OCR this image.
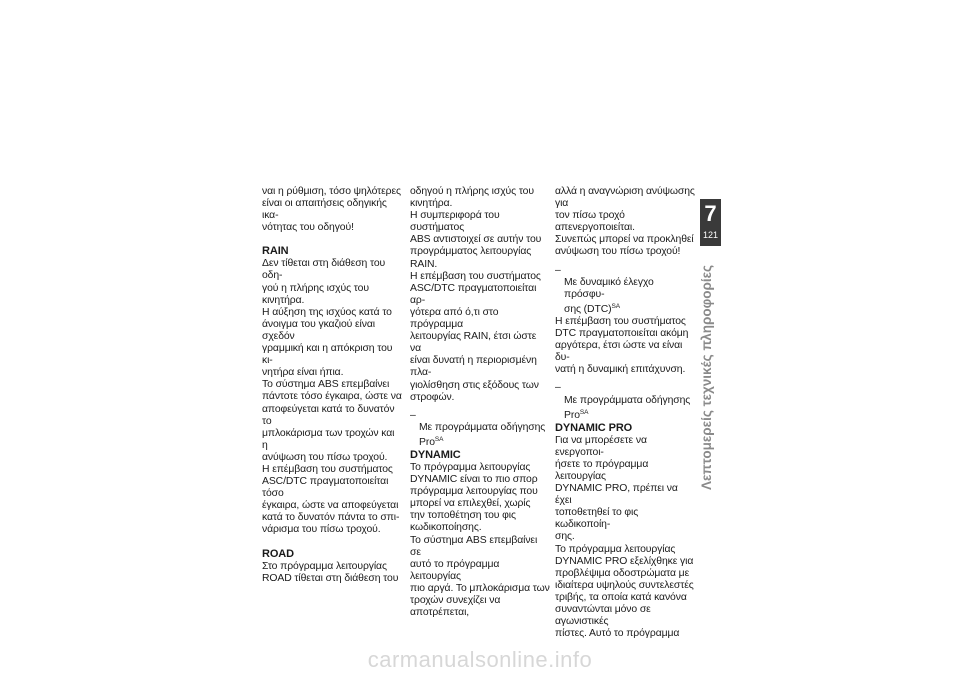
ναι η ρύθμιση, τόσο ψηλότερες
είναι οι απαιτήσεις οδηγικής ικα-
νότητας του οδηγού!

RAIN

Δεν τίθεται στη διάθεση του οδη-
γού η πλήρης ισχύς του κινητήρα.
Η αύξηση της ισχύος κατά το
άνοιγμα του γκαζιού είναι σχεδόν
γραμμική και η απόκριση του κι-
νητήρα είναι ήπια.

Το σύστημα ABS επεμβαίνει
πάντοτε τόσο έγκαιρα, ώστε να
αποφεύγεται κατά το δυνατόν το
μπλοκάρισμα των τροχών και η
ανύψωση του πίσω τροχού.

Η επέμβαση του συστήματος
ASC/DTC πραγματοποιείται τόσο
έγκαιρα, ώστε να αποφεύγεται
κατά το δυνατόν πάντα το σπι-
νάρισμα του πίσω τροχού.

ROAD

Στο πρόγραμμα λειτουργίας
ROAD τίθεται στη διάθεση του

οδηγού η πλήρης ισχύς του
κινητήρα.

Η συμπεριφορά του συστήματος
ABS αντιστοιχεί σε αυτήν του
προγράμματος λειτουργίας RAIN.

Η επέμβαση του συστήματος
ASC/DTC πραγματοποιείται αρ-
γότερα από ό,τι στο πρόγραμμα
λειτουργίας RAIN, έτσι ώστε να
είναι δυνατή η περιορισμένη πλα-
γιολίσθηση στις εξόδους των
στροφών.

–
Με προγράμματα οδήγησης
Pro$^{SA}$

DYNAMIC

Το πρόγραμμα λειτουργίας
DYNAMIC είναι το πιο σπορ
πρόγραμμα λειτουργίας που
μπορεί να επιλεχθεί, χωρίς
την τοποθέτηση του φις
κωδικοποίησης.

Το σύστημα ABS επεμβαίνει σε
αυτό το πρόγραμμα λειτουργίας
πιο αργά. Το μπλοκάρισμα των
τροχών συνεχίζει να αποτρέπεται,

αλλά η αναγνώριση ανύψωσης για
τον πίσω τροχό απενεργοποιείται.
Συνεπώς μπορεί να προκληθεί
ανύψωση του πίσω τροχού!

–
Με δυναμικό έλεγχο πρόσφυ-
σης (DTC)$^{SA}$

Η επέμβαση του συστήματος
DTC πραγματοποιείται ακόμη
αργότερα, έτσι ώστε να είναι δυ-
νατή η δυναμική επιτάχυνση.

–
Με προγράμματα οδήγησης
Pro$^{SA}$

DYNAMIC PRO

Για να μπορέσετε να ενεργοποι-
ήσετε το πρόγραμμα λειτουργίας
DYNAMIC PRO, πρέπει να έχει
τοποθετηθεί το φις κωδικοποίη-
σης.

Το πρόγραμμα λειτουργίας
DYNAMIC PRO εξελίχθηκε για
προβλέψιμα οδοστρώματα με
ιδιαίτερα υψηλούς συντελεστές
τριβής, τα οποία κατά κανόνα
συναντώνται μόνο σε αγωνιστικές
πίστες. Αυτό το πρόγραμμα

7
121
Λεπτομερείς τεχνικές πληροφορίες
carmanualsonline.info
